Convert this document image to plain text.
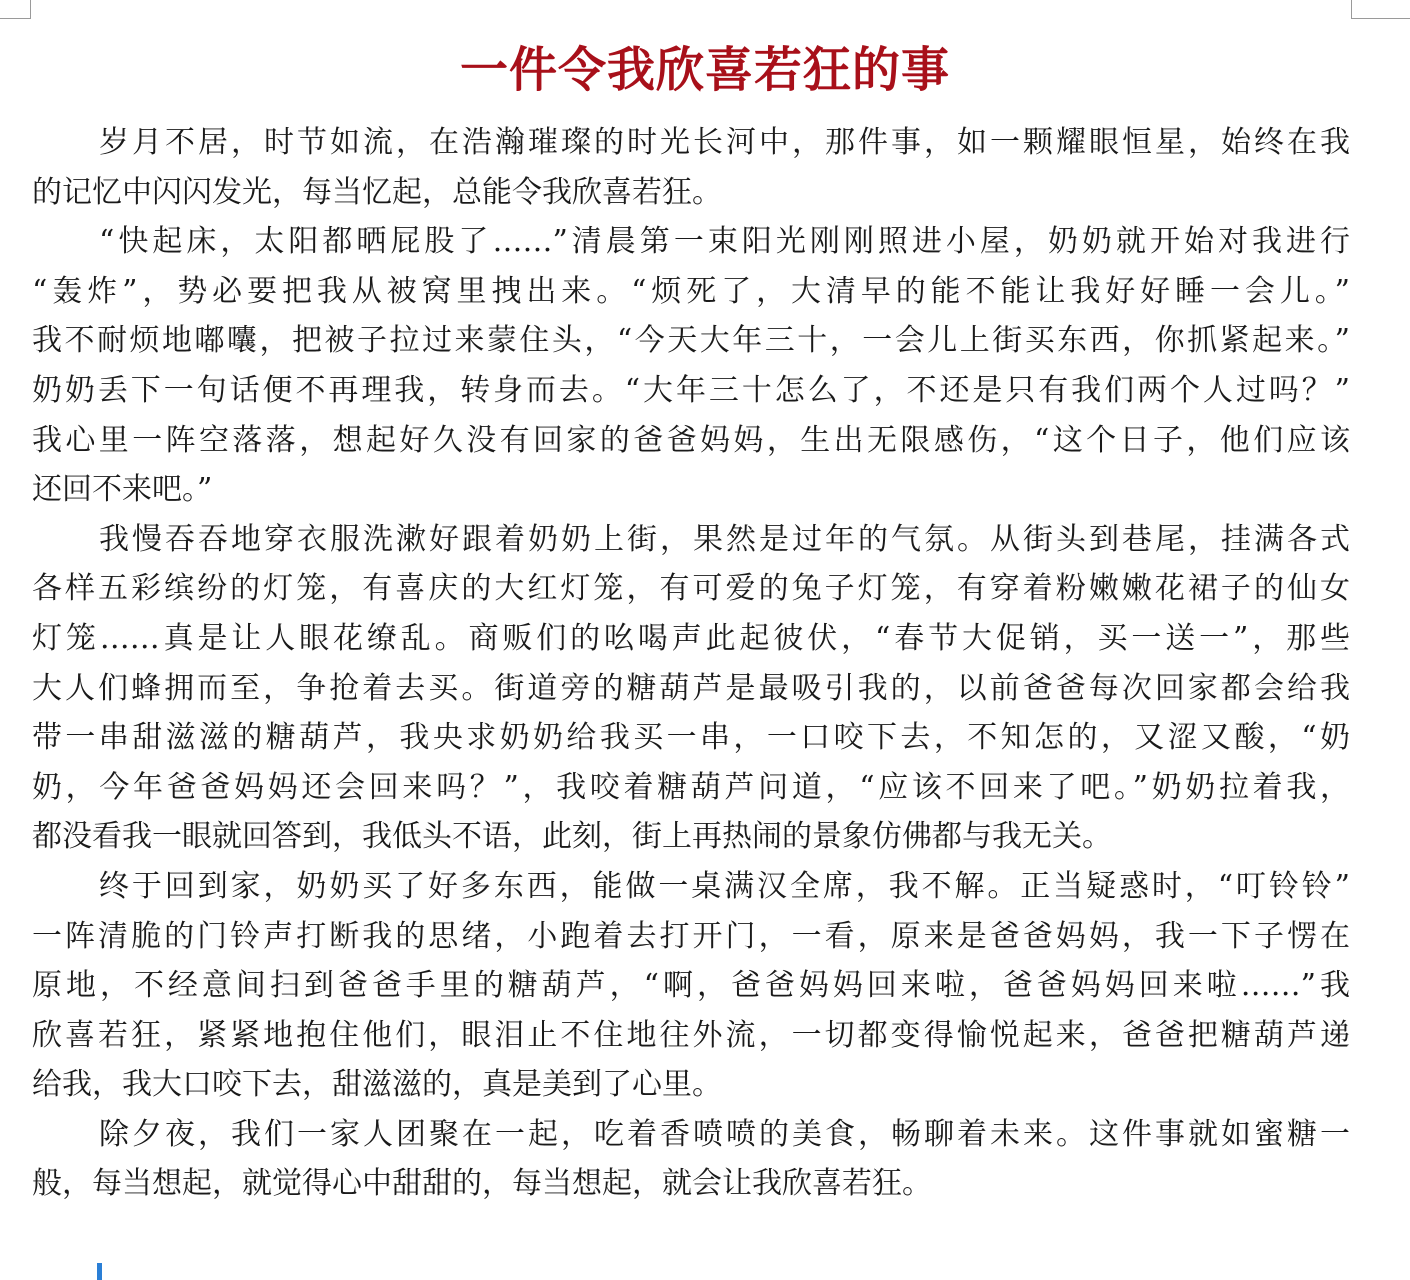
一件令我欣喜若狂的事
岁月不居，时节如流，在浩瀚璀璨的时光长河中，那件事，如一颗耀眼恒星，始终在我
的记忆中闪闪发光，每当忆起，总能令我欣喜若狂。
“快起床，太阳都晒屁股了……”清晨第一束阳光刚刚照进小屋，奶奶就开始对我进行
“轰炸”，势必要把我从被窝里拽出来。“烦死了，大清早的能不能让我好好睡一会儿。”
我不耐烦地嘟囔，把被子拉过来蒙住头，“今天大年三十，一会儿上街买东西，你抓紧起来。”
奶奶丢下一句话便不再理我，转身而去。“大年三十怎么了，不还是只有我们两个人过吗？”
我心里一阵空落落，想起好久没有回家的爸爸妈妈，生出无限感伤，“这个日子，他们应该
还回不来吧。”
我慢吞吞地穿衣服洗漱好跟着奶奶上街，果然是过年的气氛。从街头到巷尾，挂满各式
各样五彩缤纷的灯笼，有喜庆的大红灯笼，有可爱的兔子灯笼，有穿着粉嫩嫩花裙子的仙女
灯笼……真是让人眼花缭乱。商贩们的吆喝声此起彼伏，“春节大促销，买一送一”，那些
大人们蜂拥而至，争抢着去买。街道旁的糖葫芦是最吸引我的，以前爸爸每次回家都会给我
带一串甜滋滋的糖葫芦，我央求奶奶给我买一串，一口咬下去，不知怎的，又涩又酸，“奶
奶，今年爸爸妈妈还会回来吗？”，我咬着糖葫芦问道，“应该不回来了吧。”奶奶拉着我，
都没看我一眼就回答到，我低头不语，此刻，街上再热闹的景象仿佛都与我无关。
终于回到家，奶奶买了好多东西，能做一桌满汉全席，我不解。正当疑惑时，“叮铃铃”
一阵清脆的门铃声打断我的思绪，小跑着去打开门，一看，原来是爸爸妈妈，我一下子愣在
原地，不经意间扫到爸爸手里的糖葫芦，“啊，爸爸妈妈回来啦，爸爸妈妈回来啦……”我
欣喜若狂，紧紧地抱住他们，眼泪止不住地往外流，一切都变得愉悦起来，爸爸把糖葫芦递
给我，我大口咬下去，甜滋滋的，真是美到了心里。
除夕夜，我们一家人团聚在一起，吃着香喷喷的美食，畅聊着未来。这件事就如蜜糖一
般，每当想起，就觉得心中甜甜的，每当想起，就会让我欣喜若狂。
